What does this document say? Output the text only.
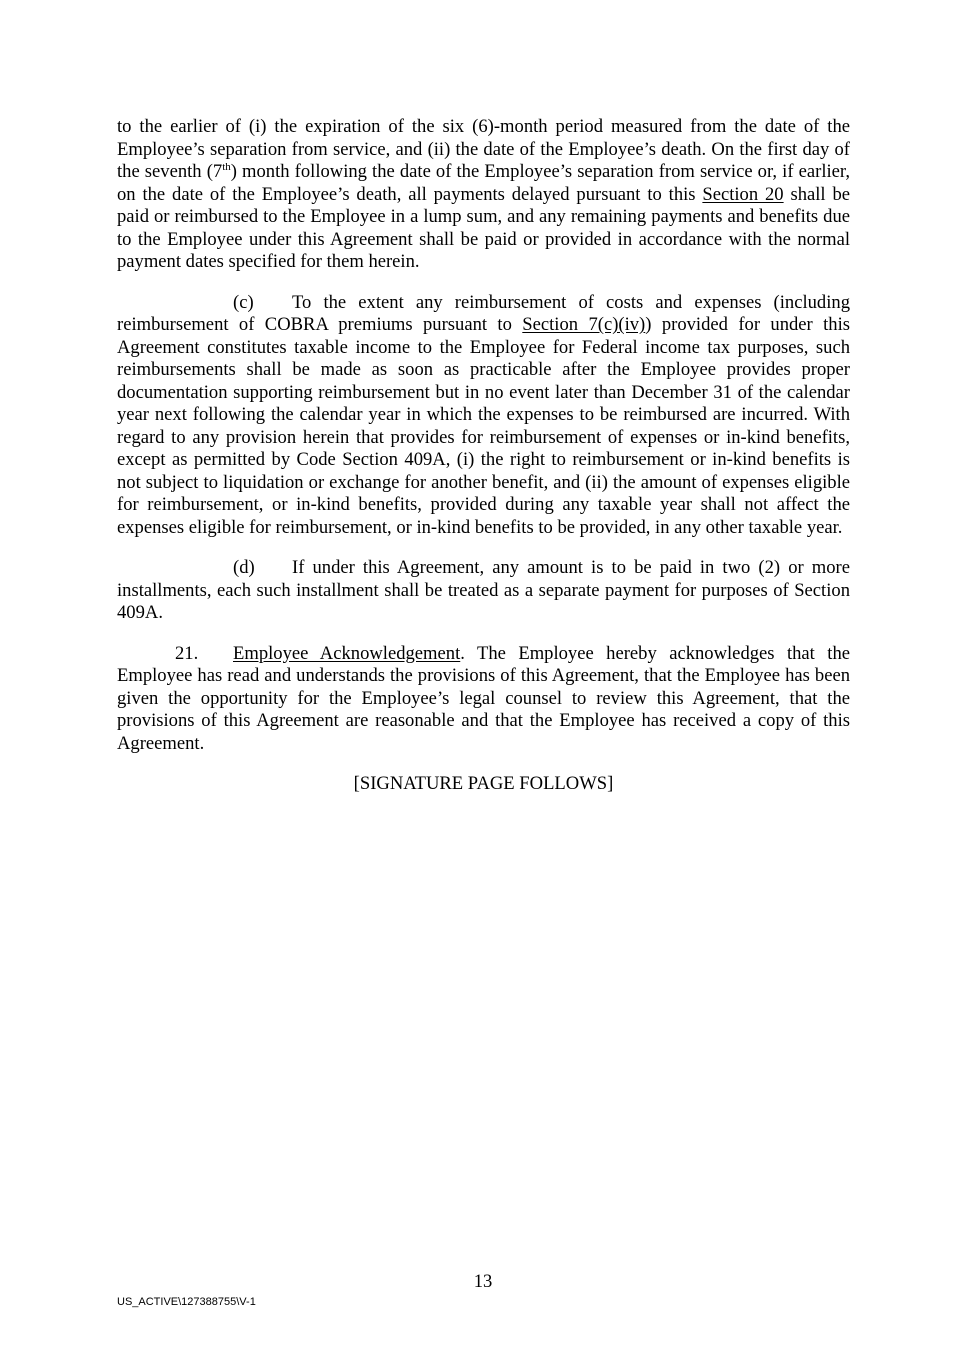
to the earlier of (i) the expiration of the six (6)-month period measured from the date of the Employee’s separation from service, and (ii) the date of the Employee’s death. On the first day of the seventh (7th) month following the date of the Employee’s separation from service or, if earlier, on the date of the Employee’s death, all payments delayed pursuant to this Section 20 shall be paid or reimbursed to the Employee in a lump sum, and any remaining payments and benefits due to the Employee under this Agreement shall be paid or provided in accordance with the normal payment dates specified for them herein.

(c) To the extent any reimbursement of costs and expenses (including reimbursement of COBRA premiums pursuant to Section 7(c)(iv)) provided for under this Agreement constitutes taxable income to the Employee for Federal income tax purposes, such reimbursements shall be made as soon as practicable after the Employee provides proper documentation supporting reimbursement but in no event later than December 31 of the calendar year next following the calendar year in which the expenses to be reimbursed are incurred. With regard to any provision herein that provides for reimbursement of expenses or in-kind benefits, except as permitted by Code Section 409A, (i) the right to reimbursement or in-kind benefits is not subject to liquidation or exchange for another benefit, and (ii) the amount of expenses eligible for reimbursement, or in-kind benefits, provided during any taxable year shall not affect the expenses eligible for reimbursement, or in-kind benefits to be provided, in any other taxable year.

(d) If under this Agreement, any amount is to be paid in two (2) or more installments, each such installment shall be treated as a separate payment for purposes of Section 409A.

21. Employee Acknowledgement. The Employee hereby acknowledges that the Employee has read and understands the provisions of this Agreement, that the Employee has been given the opportunity for the Employee’s legal counsel to review this Agreement, that the provisions of this Agreement are reasonable and that the Employee has received a copy of this Agreement.

[SIGNATURE PAGE FOLLOWS]

13
US_ACTIVE\127388755\V-1
